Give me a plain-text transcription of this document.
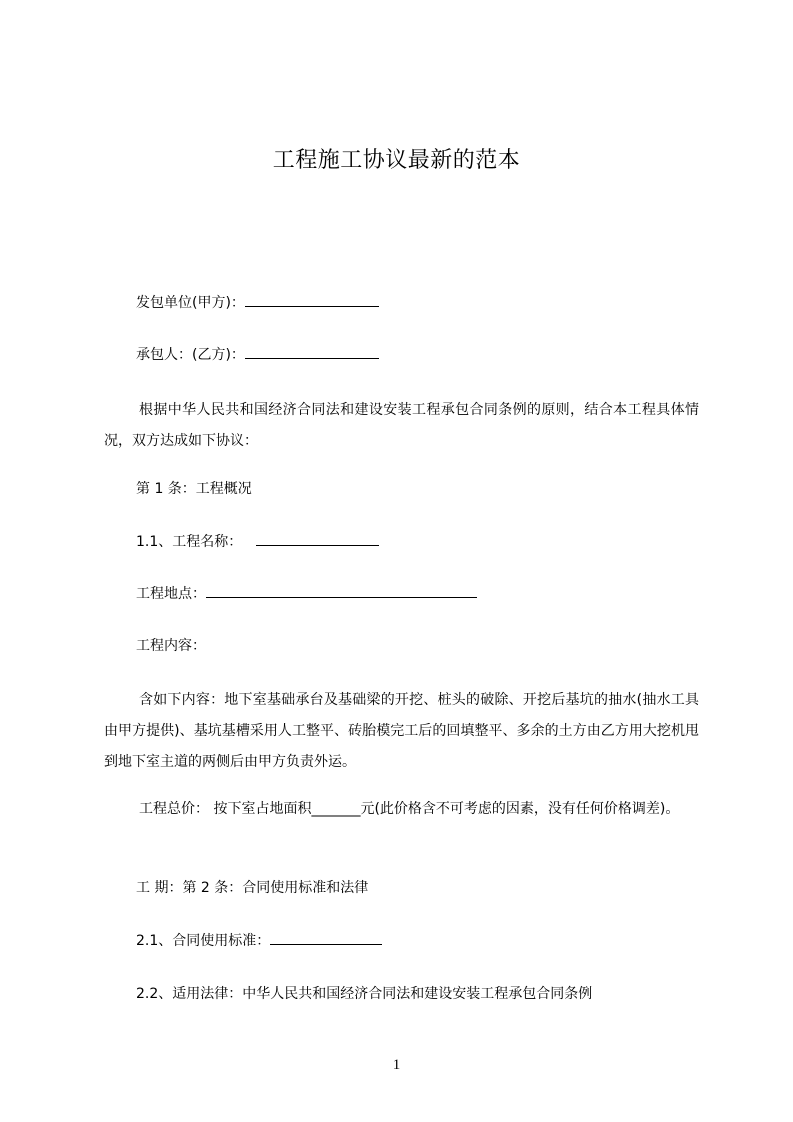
工程施工协议最新的范本
发包单位(甲方)：
承包人：(乙方)：
根据中华人民共和国经济合同法和建设安装工程承包合同条例的原则，结合本工程具体情况，双方达成如下协议：
第 1 条：工程概况
1.1、工程名称：
工程地点：
工程内容：
含如下内容：地下室基础承台及基础梁的开挖、桩头的破除、开挖后基坑的抽水(抽水工具由甲方提供)、基坑基槽采用人工整平、砖胎模完工后的回填整平、多余的土方由乙方用大挖机甩到地下室主道的两侧后由甲方负责外运。
工程总价： 按下室占地面积_______元(此价格含不可考虑的因素，没有任何价格调差)。
工 期：第 2 条：合同使用标准和法律
2.1、合同使用标准：
2.2、适用法律：中华人民共和国经济合同法和建设安装工程承包合同条例
1
